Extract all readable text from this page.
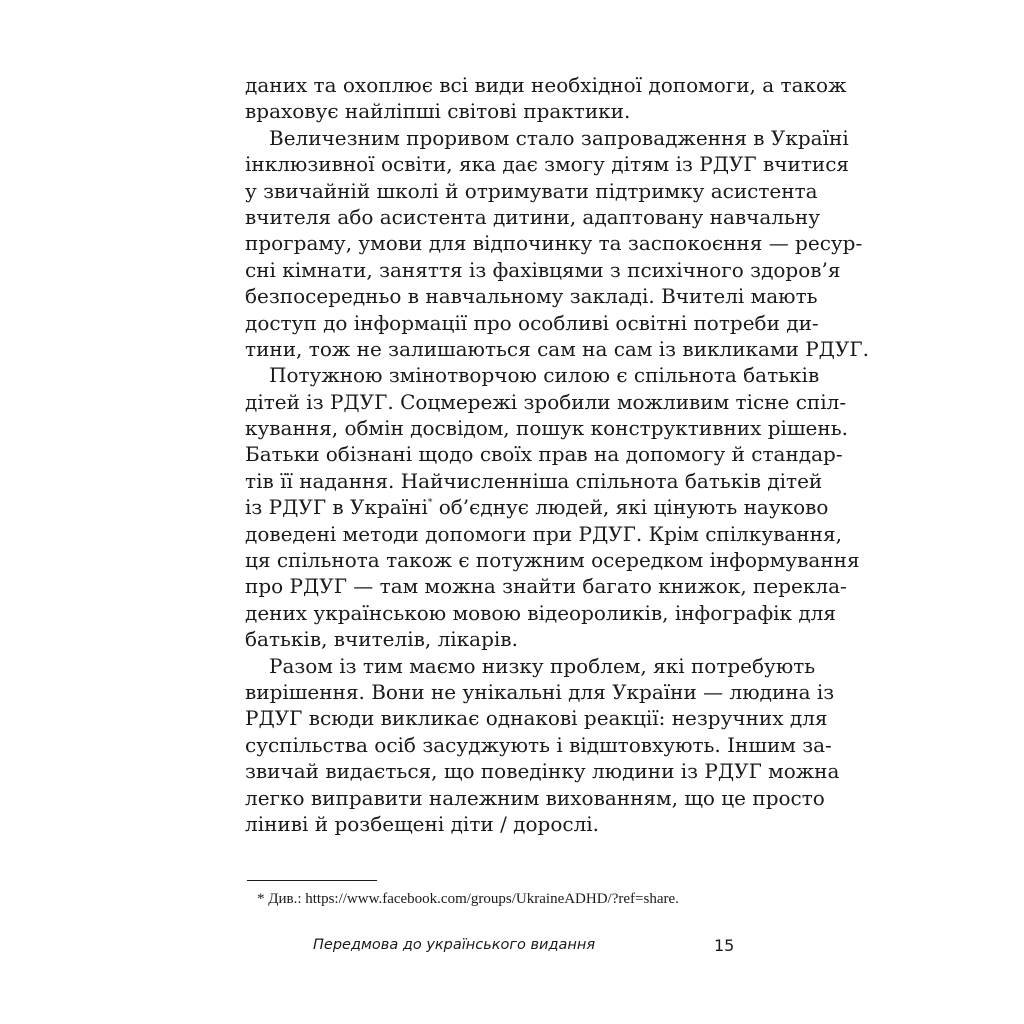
даних та охоплює всі види необхідної допомоги, а також
враховує найліпші світові практики.
Величезним проривом стало запровадження в Україні
інклюзивної освіти, яка дає змогу дітям із РДУГ вчитися
у звичайній школі й отримувати підтримку асистента
вчителя або асистента дитини, адаптовану навчальну
програму, умови для відпочинку та заспокоєння — ресур-
сні кімнати, заняття із фахівцями з психічного здоров’я
безпосередньо в навчальному закладі. Вчителі мають
доступ до інформації про особливі освітні потреби ди-
тини, тож не залишаються сам на сам із викликами РДУГ.
Потужною змінотворчою силою є спільнота батьків
дітей із РДУГ. Соцмережі зробили можливим тісне спіл-
кування, обмін досвідом, пошук конструктивних рішень.
Батьки обізнані щодо своїх прав на допомогу й стандар-
тів її надання. Найчисленніша спільнота батьків дітей
із РДУГ в Україні* об’єднує людей, які цінують науково
доведені методи допомоги при РДУГ. Крім спілкування,
ця спільнота також є потужним осередком інформування
про РДУГ — там можна знайти багато книжок, перекла-
дених українською мовою відеороликів, інфографік для
батьків, вчителів, лікарів.
Разом із тим маємо низку проблем, які потребують
вирішення. Вони не унікальні для України — людина із
РДУГ всюди викликає однакові реакції: незручних для
суспільства осіб засуджують і відштовхують. Іншим за-
звичай видається, що поведінку людини із РДУГ можна
легко виправити належним вихованням, що це просто
ліниві й розбещені діти / дорослі.
* Див.: https://www.facebook.com/groups/UkraineADHD/?ref=share.
Передмова до українського видання	15
